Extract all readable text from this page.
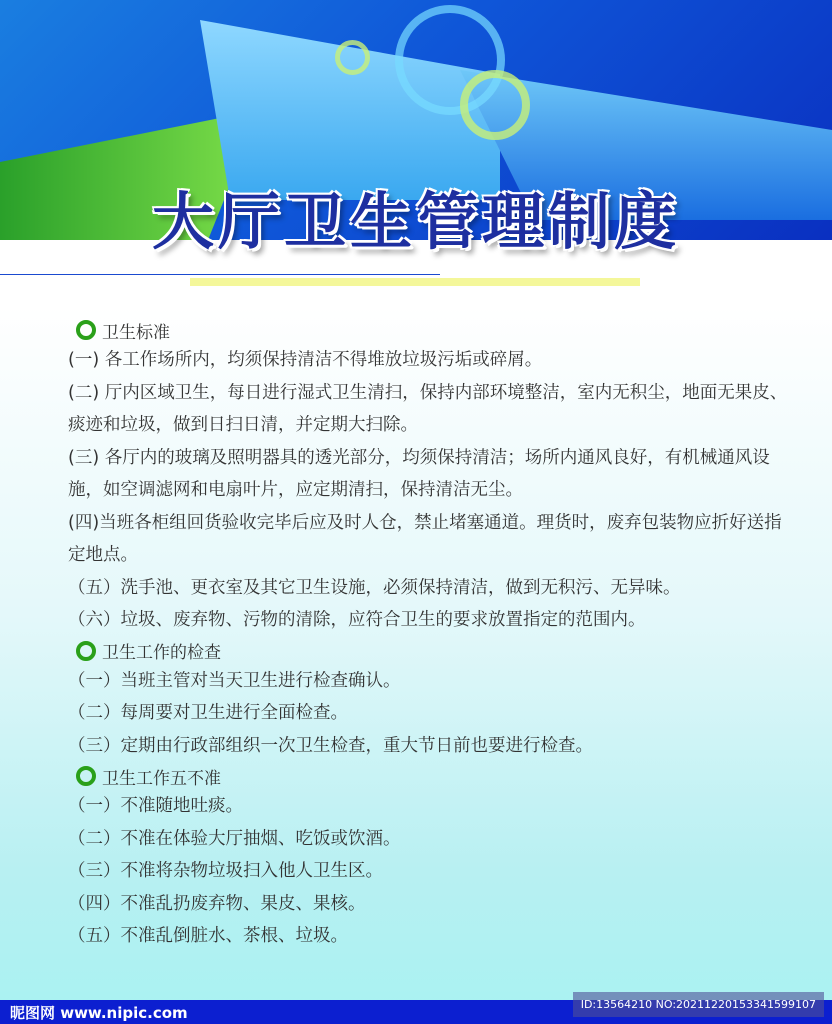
大厅卫生管理制度
卫生标准
(一) 各工作场所内，均须保持清洁不得堆放垃圾污垢或碎屑。
(二) 厅内区域卫生，每日进行湿式卫生清扫，保持内部环境整洁，室内无积尘，地面无果皮、痰迹和垃圾，做到日扫日清，并定期大扫除。
(三) 各厅内的玻璃及照明器具的透光部分，均须保持清洁；场所内通风良好，有机械通风设施，如空调滤网和电扇叶片，应定期清扫，保持清洁无尘。
(四)当班各柜组回货验收完毕后应及时人仓，禁止堵塞通道。理货时，废弃包装物应折好送指定地点。
（五）洗手池、更衣室及其它卫生设施，必须保持清洁，做到无积污、无异味。
（六）垃圾、废弃物、污物的清除，应符合卫生的要求放置指定的范围内。
卫生工作的检查
（一）当班主管对当天卫生进行检查确认。
（二）每周要对卫生进行全面检查。
（三）定期由行政部组织一次卫生检查，重大节日前也要进行检查。
卫生工作五不准
（一）不准随地吐痰。
（二）不准在体验大厅抽烟、吃饭或饮酒。
（三）不准将杂物垃圾扫入他人卫生区。
（四）不准乱扔废弃物、果皮、果核。
（五）不准乱倒脏水、茶根、垃圾。
昵图网 www.nipic.com	ID:13564210 NO:20211220153341599107
